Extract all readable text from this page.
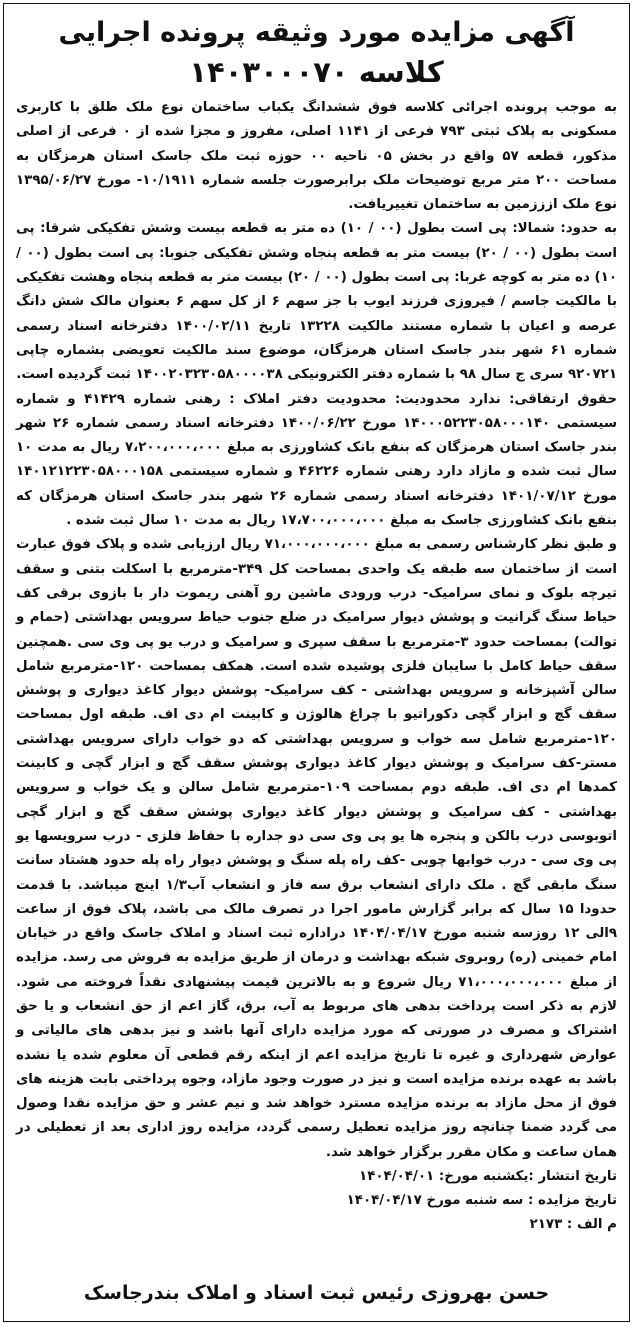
آگهی مزایده مورد وثیقه پرونده اجرایی
کلاسه ۱۴۰۳۰۰۰۷۰

به موجب پرونده اجرائی کلاسه فوق ششدانگ یکباب ساختمان نوع ملک طلق با کاربری مسکونی به پلاک ثبتی ۷۹۳ فرعی از ۱۱۴۱ اصلی، مفروز و مجزا شده از ۰ فرعی از اصلی مذکور، قطعه ۵۷ واقع در بخش ۰۵ ناحیه ۰۰ حوزه ثبت ملک جاسک استان هرمزگان به مساحت ۲۰۰ متر مربع توضیحات ملک برابرصورت جلسه شماره ۱۰/۱۹۱۱- مورخ ۱۳۹۵/۰۶/۲۷ نوع ملک ازززمین به ساختمان تغییریافت.

به حدود: شمالا: پی است بطول (۰۰ / ۱۰) ده متر به قطعه بیست وشش تفکیکی شرقا: پی است بطول (۰۰ / ۲۰) بیست متر به قطعه پنجاه وشش تفکیکی جنوبا: پی است بطول (۰۰ / ۱۰) ده متر به کوچه غربا: پی است بطول (۰۰ / ۲۰) بیست متر به قطعه پنجاه وهشت تفکیکی با مالکیت جاسم / فیروزی فرزند ایوب با جز سهم ۶ از کل سهم ۶ بعنوان مالک شش دانگ عرصه و اعیان با شماره مستند مالکیت ۱۳۲۲۸ تاریخ ۱۴۰۰/۰۲/۱۱ دفترخانه اسناد رسمی شماره ۶۱ شهر بندر جاسک استان هرمزگان، موضوع سند مالکیت تعویضی بشماره چاپی ۹۲۰۷۲۱ سری ج سال ۹۸ با شماره دفتر الکترونیکی ۱۴۰۰۲۰۳۲۳۰۵۸۰۰۰۰۳۸ ثبت گردیده است.

حقوق ارتفاقی: ندارد محدودیت: محدودیت دفتر املاک : رهنی شماره ۴۱۴۲۹ و شماره سیستمی ۱۴۰۰۰۵۲۲۳۰۵۸۰۰۰۱۴۰ مورخ ۱۴۰۰/۰۶/۲۲ دفترخانه اسناد رسمی شماره ۲۶ شهر بندر جاسک استان هرمزگان که بنفع بانک کشاورزی به مبلغ ۷،۲۰۰،۰۰۰،۰۰۰ ریال به مدت ۱۰ سال ثبت شده و مازاد دارد رهنی شماره ۴۶۲۲۶ و شماره سیستمی ۱۴۰۱۲۱۲۲۳۰۵۸۰۰۰۱۵۸ مورخ ۱۴۰۱/۰۷/۱۲ دفترخانه اسناد رسمی شماره ۲۶ شهر بندر جاسک استان هرمزگان که بنفع بانک کشاورزی جاسک به مبلغ ۱۷،۷۰۰،۰۰۰،۰۰۰ ریال به مدت ۱۰ سال ثبت شده .

و طبق نظر کارشناس رسمی به مبلغ ۷۱،۰۰۰،۰۰۰،۰۰۰ ریال ارزیابی شده و پلاک فوق عبارت است از ساختمان سه طبقه یک واحدی بمساحت کل ۳۴۹-مترمربع با اسکلت بتنی و سقف تیرچه بلوک و نمای سرامیک- درب ورودی ماشین رو آهنی ریموت دار با بازوی برقی کف حیاط سنگ گرانیت و پوشش دیوار سرامیک در ضلع جنوب حیاط سرویس بهداشتی (حمام و توالت) بمساحت حدود ۳-مترمربع با سقف سپری و سرامیک و درب یو پی وی سی .همچنین سقف حیاط کامل با سایبان فلزی پوشیده شده است. همکف بمساحت ۱۲۰-مترمربع شامل سالن آشپزخانه و سرویس بهداشتی - کف سرامیک- پوشش دیوار کاغذ دیواری و پوشش سقف گچ و ابزار گچی دکوراتیو با چراغ هالوژن و کابینت ام دی اف. طبقه اول بمساحت ۱۲۰-مترمربع شامل سه خواب و سرویس بهداشتی که دو خواب دارای سرویس بهداشتی مستر-کف سرامیک و پوشش دیوار کاغذ دیواری پوشش سقف گچ و ابزار گچی و کابینت کمدها ام دی اف. طبقه دوم بمساحت ۱۰۹-مترمربع شامل سالن و یک خواب و سرویس بهداشتی - کف سرامیک و پوشش دیوار کاغذ دیواری پوشش سقف گچ و ابزار گچی اتوبوسی درب بالکن و پنجره ها یو پی وی سی دو جداره با حفاظ فلزی - درب سرویسها یو پی وی سی - درب خوابها چوبی -کف راه پله سنگ و پوشش دیوار راه پله حدود هشتاد سانت سنگ مابقی گچ . ملک دارای انشعاب برق سه فاز و انشعاب آب۱/۳ اینچ میباشد. با قدمت حدودا ۱۵ سال که برابر گزارش مامور اجرا در تصرف مالک می باشد، پلاک فوق از ساعت ۹الی ۱۲ روزسه شنبه مورخ ۱۴۰۴/۰۴/۱۷ دراداره ثبت اسناد و املاک جاسک واقع در خیابان امام خمینی (ره) روبروی شبکه بهداشت و درمان از طریق مزایده به فروش می رسد. مزایده از مبلغ ۷۱،۰۰۰،۰۰۰،۰۰۰ ریال شروع و به بالاترین قیمت پیشنهادی نقداً فروخته می شود. لازم به ذکر است پرداخت بدهی های مربوط به آب، برق، گاز اعم از حق انشعاب و یا حق اشتراک و مصرف در صورتی که مورد مزایده دارای آنها باشد و نیز بدهی های مالیاتی و عوارض شهرداری و غیره تا تاریخ مزایده اعم از اینکه رقم قطعی آن معلوم شده یا نشده باشد به عهده برنده مزایده است و نیز در صورت وجود مازاد، وجوه پرداختی بابت هزینه های فوق از محل مازاد به برنده مزایده مسترد خواهد شد و نیم عشر و حق مزایده نقدا وصول می گردد ضمنا چنانچه روز مزایده تعطیل رسمی گردد، مزایده روز اداری بعد از تعطیلی در همان ساعت و مکان مقرر برگزار خواهد شد.

تاریخ انتشار :یکشنبه مورخ: ۱۴۰۴/۰۴/۰۱
تاریخ مزایده : سه شنبه مورخ ۱۴۰۴/۰۴/۱۷
م الف : ۲۱۷۳
حسن بهروزی رئیس ثبت اسناد و املاک بندرجاسک
